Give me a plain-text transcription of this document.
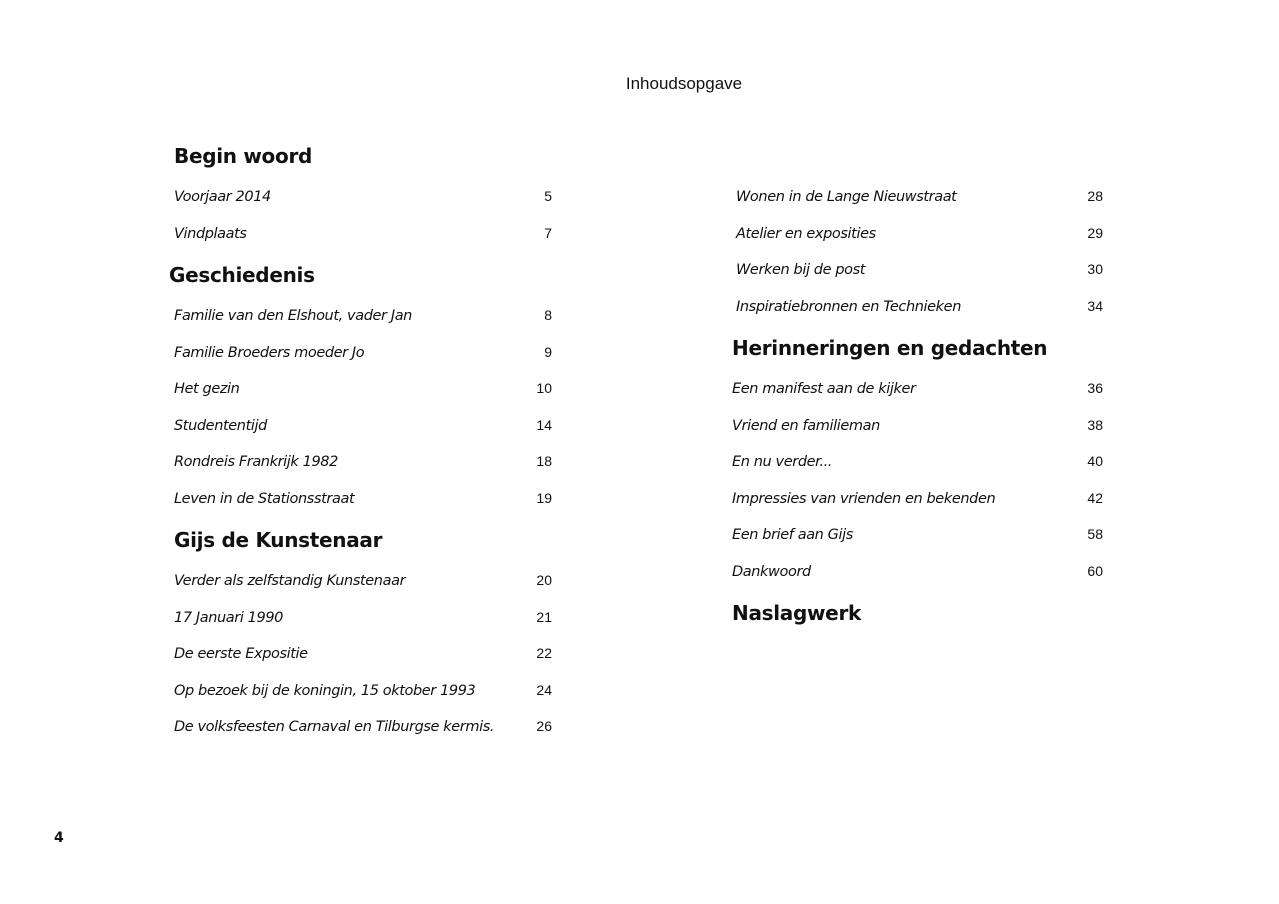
Inhoudsopgave
Begin woord
Voorjaar 2014	5
Vindplaats	7
Geschiedenis
Familie van den Elshout, vader Jan	8
Familie Broeders moeder Jo	9
Het gezin	10
Studententijd	14
Rondreis Frankrijk 1982	18
Leven in de Stationsstraat	19
Gijs de Kunstenaar
Verder als zelfstandig Kunstenaar	20
17 Januari 1990	21
De eerste Expositie	22
Op bezoek bij de koningin, 15 oktober 1993	24
De volksfeesten Carnaval en Tilburgse kermis.	26
Wonen in de Lange Nieuwstraat	28
Atelier en exposities	29
Werken bij de post	30
Inspiratiebronnen en Technieken	34
Herinneringen en gedachten
Een manifest aan de kijker	36
Vriend en familieman	38
En nu verder...	40
Impressies van vrienden en bekenden	42
Een brief aan Gijs	58
Dankwoord	60
Naslagwerk
4
